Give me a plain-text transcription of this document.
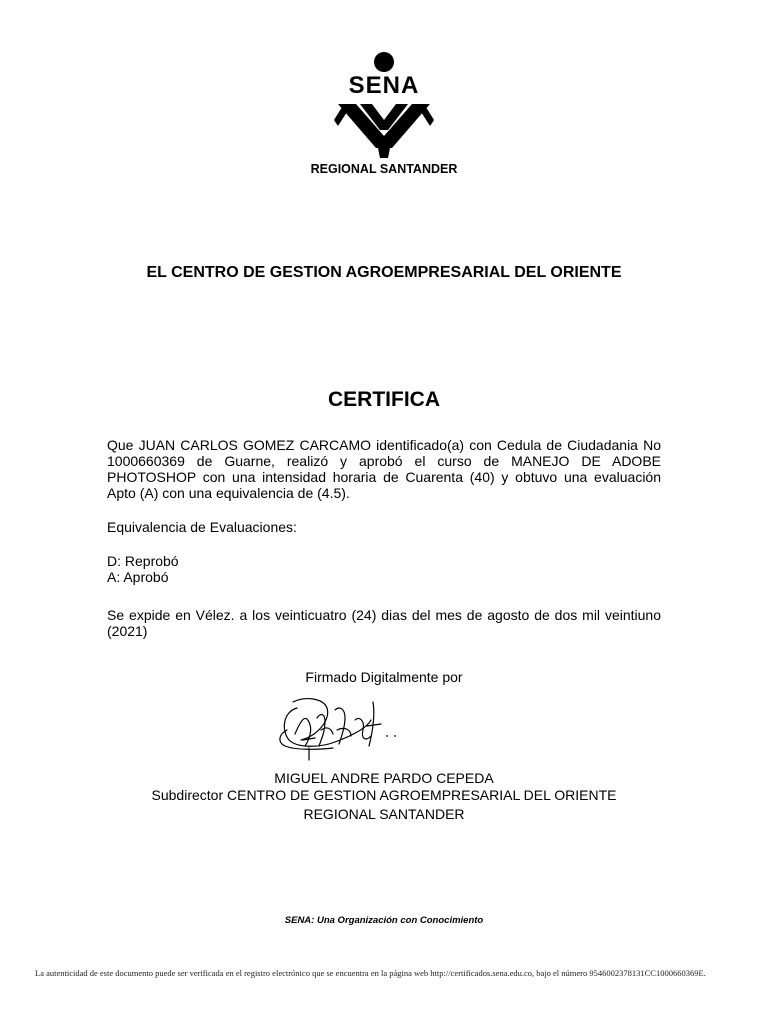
SENA
REGIONAL SANTANDER
EL CENTRO DE GESTION AGROEMPRESARIAL DEL ORIENTE
CERTIFICA
Que JUAN CARLOS GOMEZ CARCAMO identificado(a) con Cedula de Ciudadania No 1000660369 de Guarne, realizó y aprobó el curso de MANEJO DE ADOBE PHOTOSHOP con una intensidad horaria de Cuarenta (40) y obtuvo una evaluación Apto (A) con una equivalencia de (4.5).
Equivalencia de Evaluaciones:
D: Reprobó
A: Aprobó
Se expide en Vélez. a los veinticuatro (24) dias del mes de agosto de dos mil veintiuno (2021)
Firmado Digitalmente por
MIGUEL ANDRE PARDO CEPEDA
Subdirector CENTRO DE GESTION AGROEMPRESARIAL DEL ORIENTE
REGIONAL SANTANDER
SENA: Una Organización con Conocimiento
La autenticidad de este documento puede ser verificada en el registro electrónico que se encuentra en la página web http://certificados.sena.edu.co, bajo el número 9546002378131CC1000660369E.
